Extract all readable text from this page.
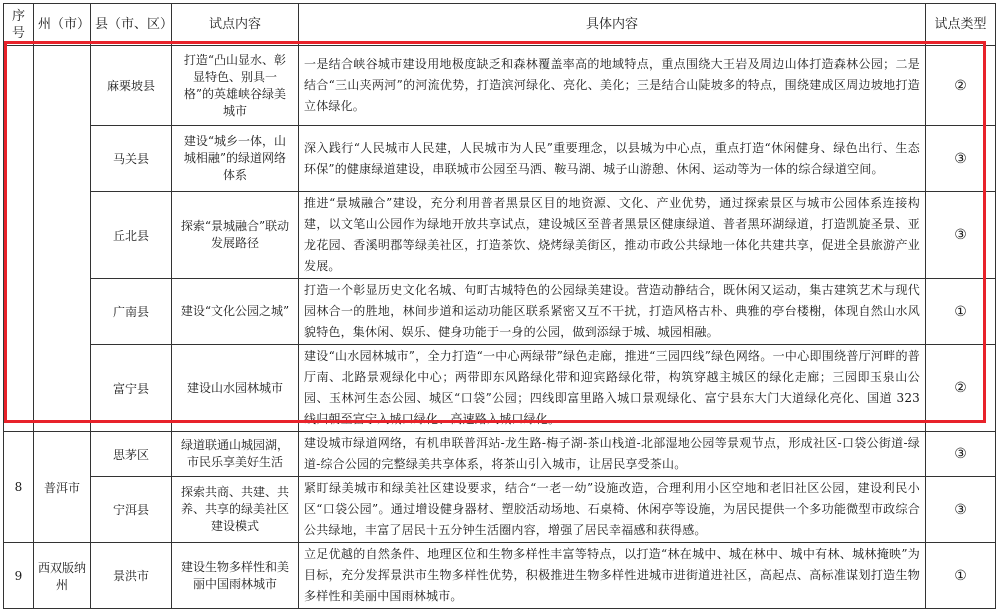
序号	州（市）	县（市、区）	试点内容	具体内容	试点类型
		麻栗坡县	打造“凸山显水、彰显特色、别具一格”的英雄峡谷绿美城市	一是结合峡谷城市建设用地极度缺乏和森林覆盖率高的地域特点，重点围绕大王岩及周边山体打造森林公园；二是结合“三山夹两河”的河流优势，打造滨河绿化、亮化、美化；三是结合山陡坡多的特点，围绕建成区周边坡地打造立体绿化。	②
		马关县	建设“城乡一体，山城相融”的绿道网络体系	深入践行“人民城市人民建，人民城市为人民”重要理念，以县城为中心点，重点打造“休闲健身、绿色出行、生态环保”的健康绿道建设，串联城市公园至马洒、鞍马湖、城子山游憩、休闲、运动等为一体的综合绿道空间。	③
		丘北县	探索“景城融合”联动发展路径	推进“景城融合”建设，充分利用普者黑景区目的地资源、文化、产业优势，通过探索景区与城市公园体系连接构建，以文笔山公园作为绿地开放共享试点，建设城区至普者黑景区健康绿道、普者黑环湖绿道，打造凯旋圣景、亚龙花园、香溪明郡等绿美社区，打造茶饮、烧烤绿美街区，推动市政公共绿地一体化共建共享，促进全县旅游产业发展。	③
		广南县	建设“文化公园之城”	打造一个彰显历史文化名城、句町古城特色的公园绿美建设。营造动静结合，既休闲又运动，集古建筑艺术与现代园林合一的胜地，林间步道和运动功能区联系紧密又互不干扰，打造风格古朴、典雅的亭台楼榭，体现自然山水风貌特色，集休闲、娱乐、健身功能于一身的公园，做到添绿于城、城园相融。	①
		富宁县	建设山水园林城市	建设“山水园林城市”，全力打造“一中心两绿带”绿色走廊，推进“三园四线”绿色网络。一中心即围绕普厅河畔的普厅南、北路景观绿化中心；两带即东风路绿化带和迎宾路绿化带，构筑穿越主城区的绿化走廊；三园即玉泉山公园、玉林河生态公园、城区“口袋”公园；四线即富里路入城口景观绿化、富宁县东大门大道绿化亮化、国道 323 线归朝至富宁入城口绿化、高速路入城口绿化。	②
8	普洱市	思茅区	绿道联通山城园湖，市民乐享美好生活	建设城市绿道网络，有机串联普洱站-龙生路-梅子湖-茶山栈道-北部湿地公园等景观节点，形成社区-口袋公街道-绿道-综合公园的完整绿美共享体系，将茶山引入城市，让居民享受茶山。	③
		宁洱县	探索共商、共建、共养、共享的绿美社区建设模式	紧盯绿美城市和绿美社区建设要求，结合“一老一幼”设施改造，合理利用小区空地和老旧社区公园，建设利民小区“口袋公园”。通过增设健身器材、塑胶活动场地、石桌椅、休闲亭等设施，为居民提供一个多功能微型市政综合公共绿地，丰富了居民十五分钟生活圈内容，增强了居民幸福感和获得感。	③
9	西双版纳州	景洪市	建设生物多样性和美丽中国雨林城市	立足优越的自然条件、地理区位和生物多样性丰富等特点，以打造“林在城中、城在林中、城中有林、城林掩映”为目标，充分发挥景洪市生物多样性优势，积极推进生物多样性进城市进街道进社区，高起点、高标准谋划打造生物多样性和美丽中国雨林城市。	①
